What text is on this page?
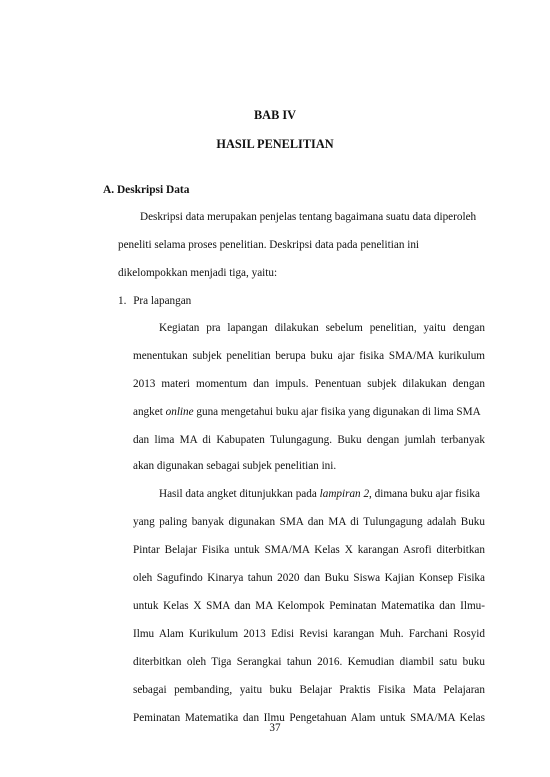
BAB IV
HASIL PENELITIAN
A. Deskripsi Data
Deskripsi data merupakan penjelas tentang bagaimana suatu data diperoleh
peneliti selama proses penelitian. Deskripsi data pada penelitian ini
dikelompokkan menjadi tiga, yaitu:
1. Pra lapangan
Kegiatan pra lapangan dilakukan sebelum penelitian, yaitu dengan
menentukan subjek penelitian berupa buku ajar fisika SMA/MA kurikulum
2013 materi momentum dan impuls. Penentuan subjek dilakukan dengan
angket online guna mengetahui buku ajar fisika yang digunakan di lima SMA
dan lima MA di Kabupaten Tulungagung. Buku dengan jumlah terbanyak
akan digunakan sebagai subjek penelitian ini.
Hasil data angket ditunjukkan pada lampiran 2, dimana buku ajar fisika
yang paling banyak digunakan SMA dan MA di Tulungagung adalah Buku
Pintar Belajar Fisika untuk SMA/MA Kelas X karangan Asrofi diterbitkan
oleh Sagufindo Kinarya tahun 2020 dan Buku Siswa Kajian Konsep Fisika
untuk Kelas X SMA dan MA Kelompok Peminatan Matematika dan Ilmu-
Ilmu Alam Kurikulum 2013 Edisi Revisi karangan Muh. Farchani Rosyid
diterbitkan oleh Tiga Serangkai tahun 2016. Kemudian diambil satu buku
sebagai pembanding, yaitu buku Belajar Praktis Fisika Mata Pelajaran
Peminatan Matematika dan Ilmu Pengetahuan Alam untuk SMA/MA Kelas
37
